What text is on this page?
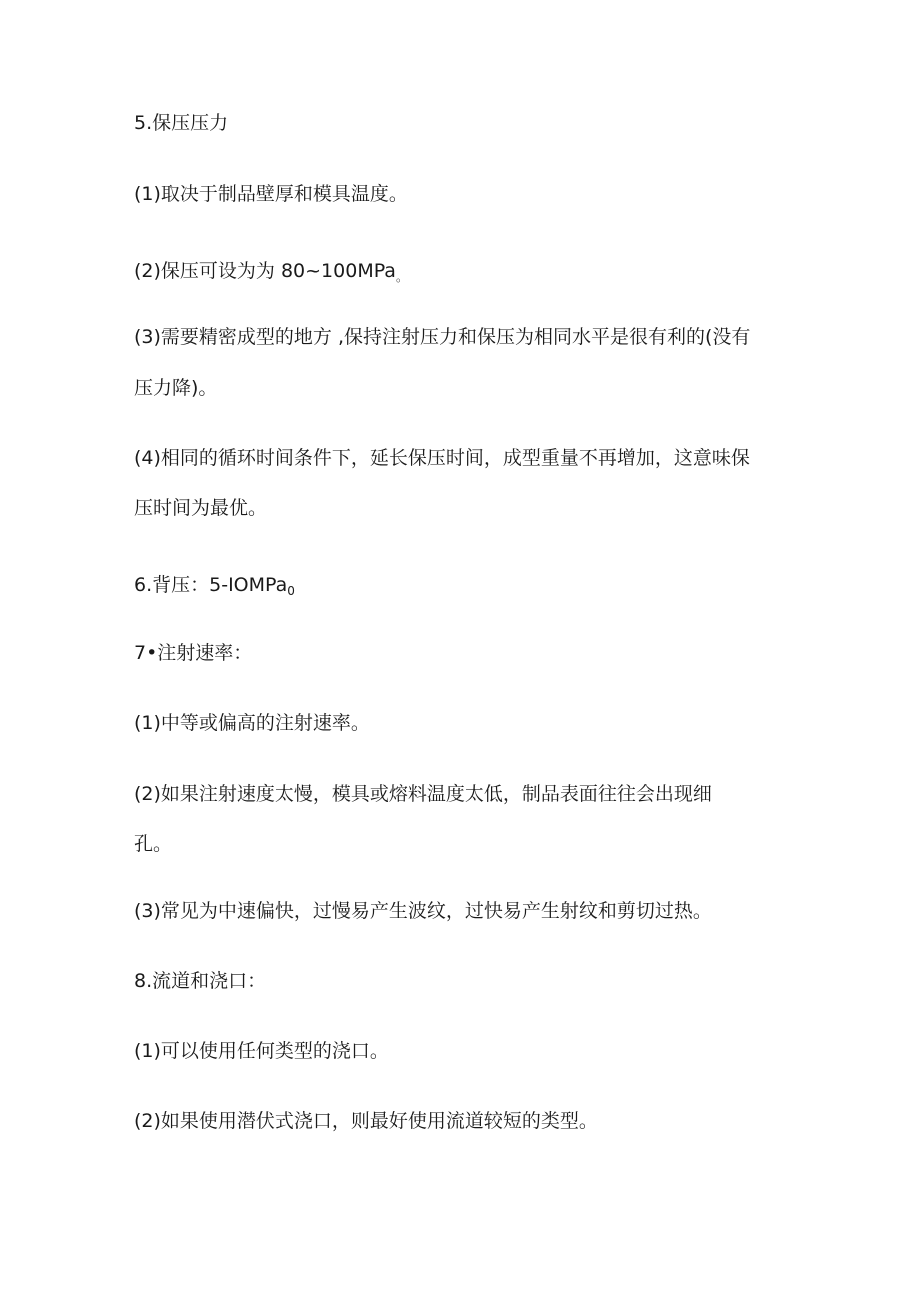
5.保压压力
(1)取决于制品壁厚和模具温度。
(2)保压可设为为 80~100MPa$_。$
(3)需要精密成型的地方 ,保持注射压力和保压为相同水平是很有利的(没有
压力降)。
(4)相同的循环时间条件下，延长保压时间，成型重量不再增加，这意味保
压时间为最优。
6.背压：5-IOMPa$_0$
7•注射速率：
(1)中等或偏高的注射速率。
(2)如果注射速度太慢，模具或熔料温度太低，制品表面往往会出现细
孔。
(3)常见为中速偏快，过慢易产生波纹，过快易产生射纹和剪切过热。
8.流道和浇口：
(1)可以使用任何类型的浇口。
(2)如果使用潜伏式浇口，则最好使用流道较短的类型。
